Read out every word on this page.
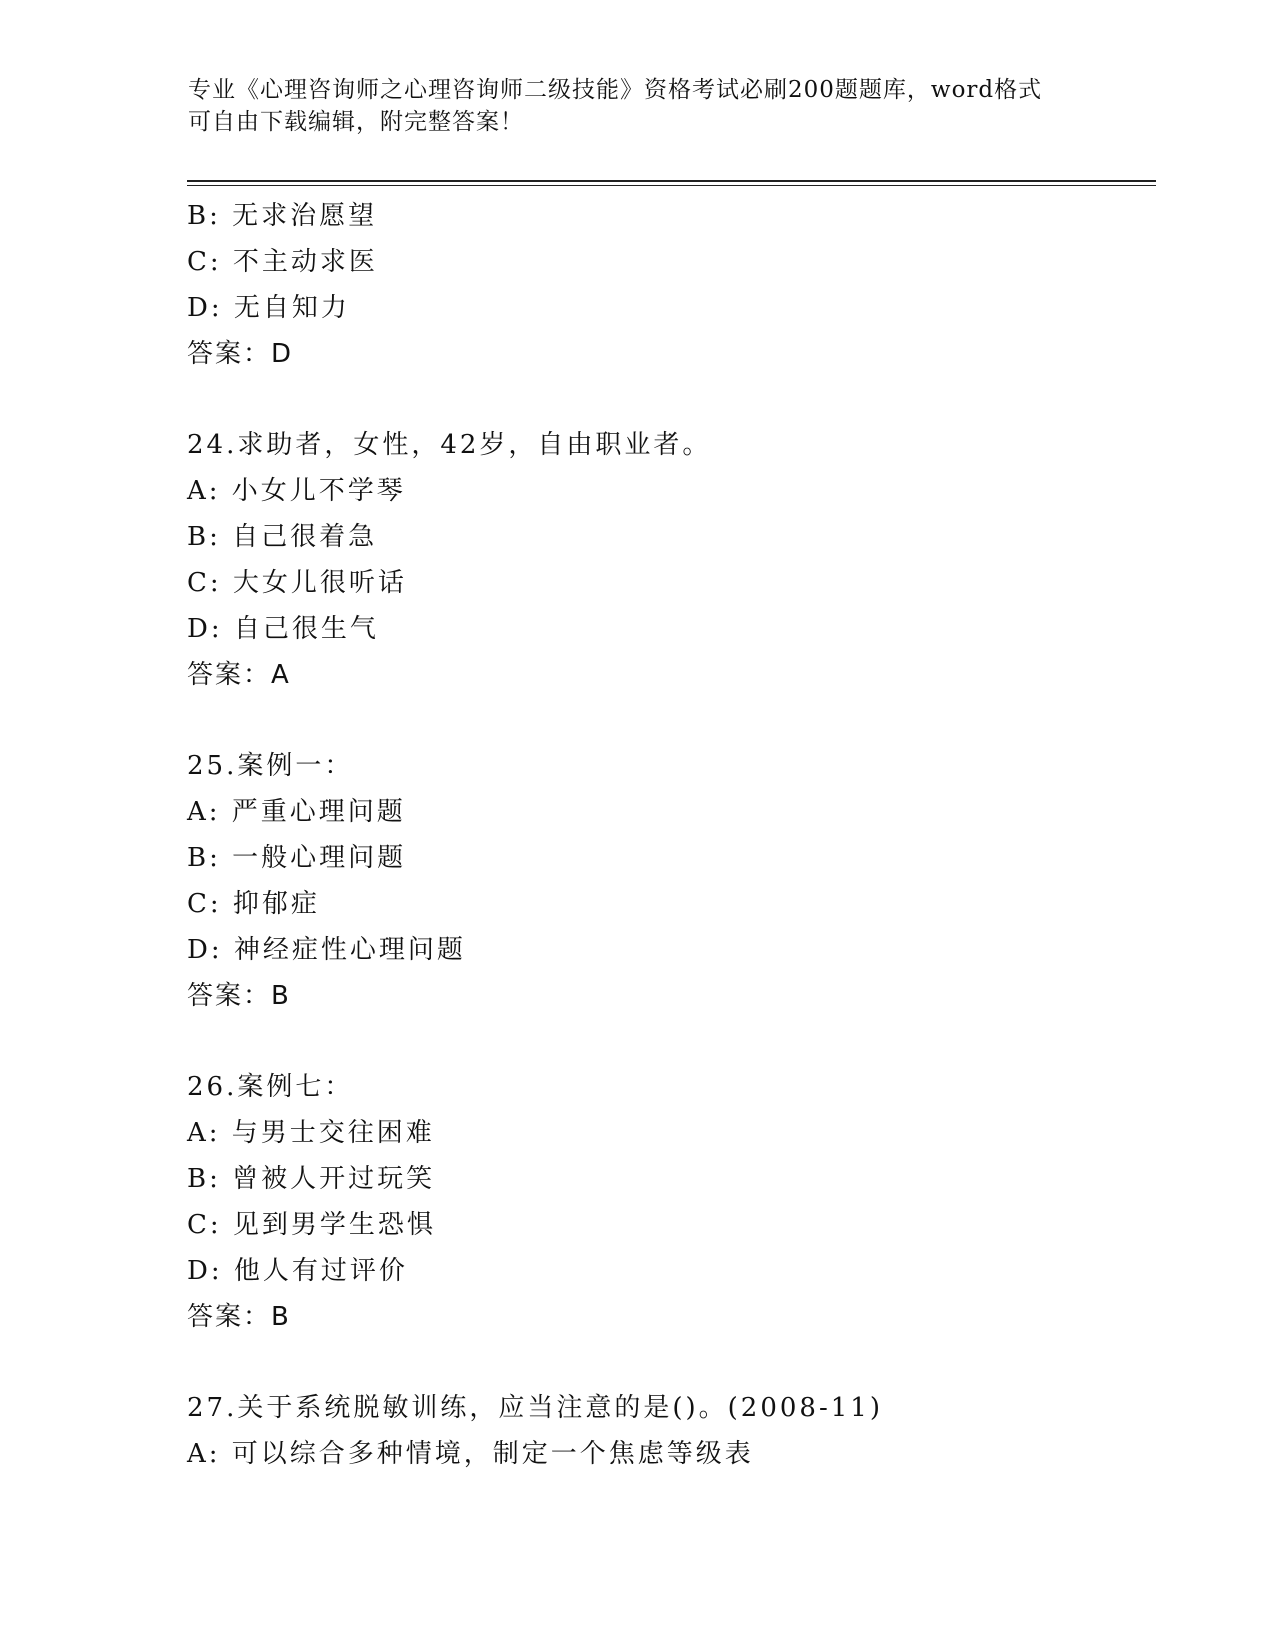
专业《心理咨询师之心理咨询师二级技能》资格考试必刷200题题库，word格式
可自由下载编辑，附完整答案！
B: 无求治愿望
C: 不主动求医
D: 无自知力
答案：D
24.求助者，女性，42岁，自由职业者。
A: 小女儿不学琴
B: 自己很着急
C: 大女儿很听话
D: 自己很生气
答案：A
25.案例一：
A: 严重心理问题
B: 一般心理问题
C: 抑郁症
D: 神经症性心理问题
答案：B
26.案例七：
A: 与男士交往困难
B: 曾被人开过玩笑
C: 见到男学生恐惧
D: 他人有过评价
答案：B
27.关于系统脱敏训练，应当注意的是()。(2008-11)
A: 可以综合多种情境，制定一个焦虑等级表
